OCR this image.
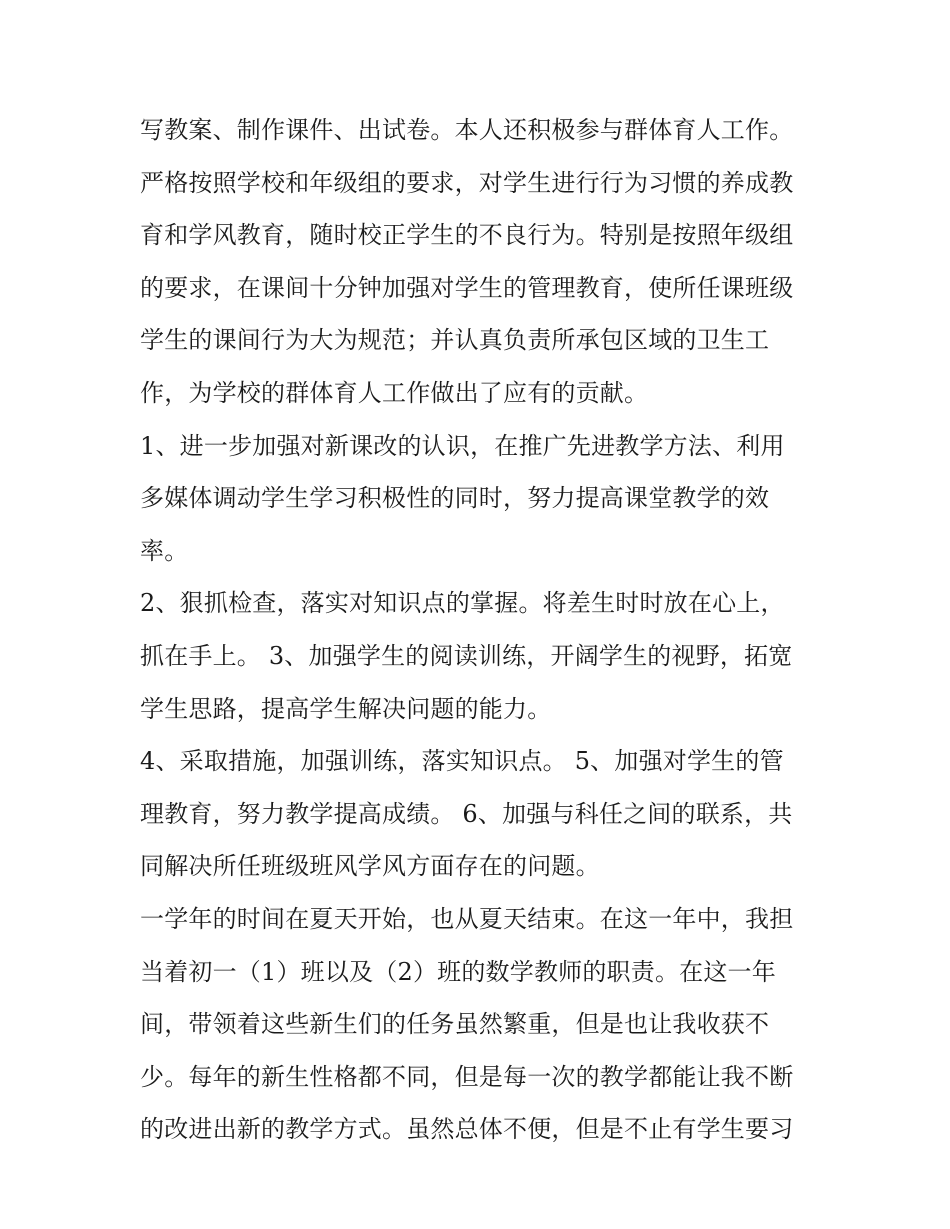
写教案、制作课件、出试卷。本人还积极参与群体育人工作。
严格按照学校和年级组的要求，对学生进行行为习惯的养成教
育和学风教育，随时校正学生的不良行为。特别是按照年级组
的要求，在课间十分钟加强对学生的管理教育，使所任课班级
学生的课间行为大为规范；并认真负责所承包区域的卫生工
作，为学校的群体育人工作做出了应有的贡献。
1、进一步加强对新课改的认识，在推广先进教学方法、利用
多媒体调动学生学习积极性的同时，努力提高课堂教学的效
率。
2、狠抓检查，落实对知识点的掌握。将差生时时放在心上，
抓在手上。 3、加强学生的阅读训练，开阔学生的视野，拓宽
学生思路，提高学生解决问题的能力。
4、采取措施，加强训练，落实知识点。 5、加强对学生的管
理教育，努力教学提高成绩。 6、加强与科任之间的联系，共
同解决所任班级班风学风方面存在的问题。
一学年的时间在夏天开始，也从夏天结束。在这一年中，我担
当着初一（1）班以及（2）班的数学教师的职责。在这一年
间，带领着这些新生们的任务虽然繁重，但是也让我收获不
少。每年的新生性格都不同，但是每一次的教学都能让我不断
的改进出新的教学方式。虽然总体不便，但是不止有学生要习
